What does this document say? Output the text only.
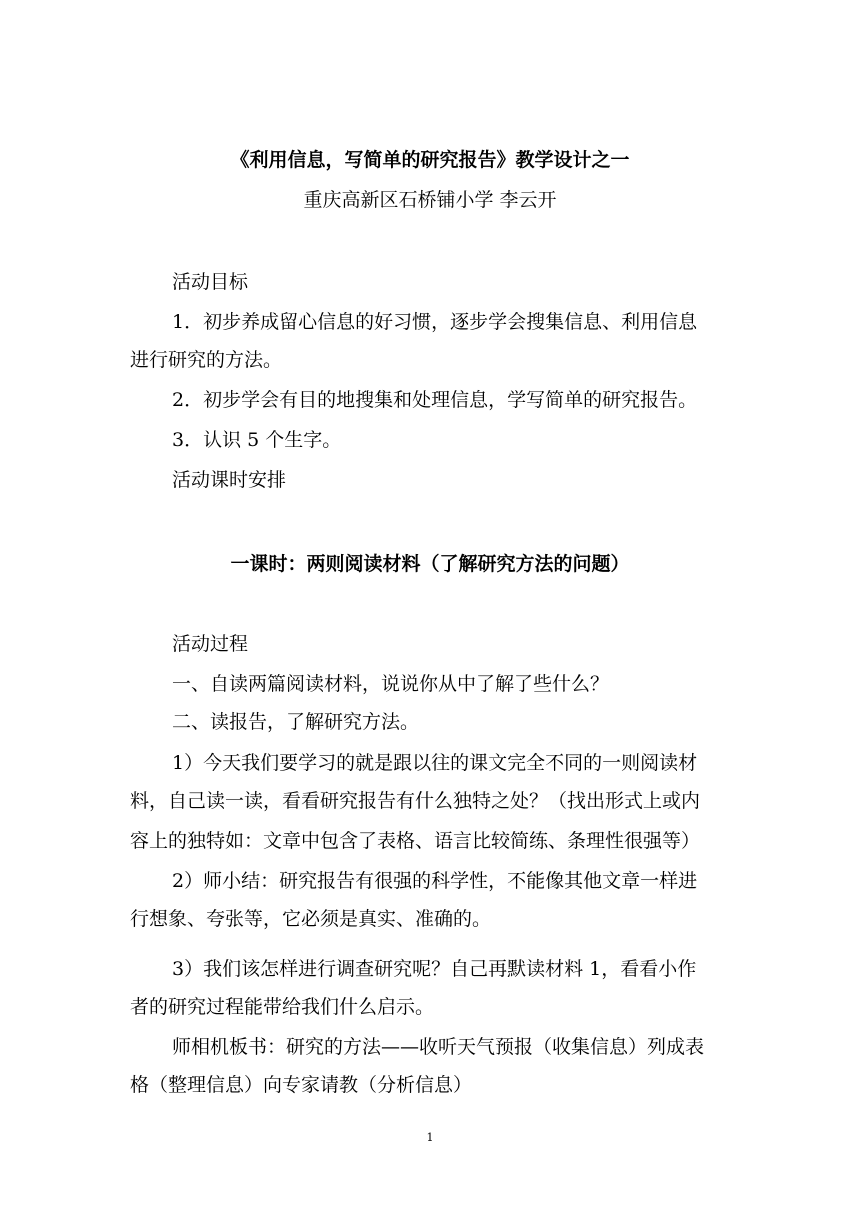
《利用信息，写简单的研究报告》教学设计之一
重庆高新区石桥铺小学 李云开
活动目标
1．初步养成留心信息的好习惯，逐步学会搜集信息、利用信息
进行研究的方法。
2．初步学会有目的地搜集和处理信息，学写简单的研究报告。
3．认识 5 个生字。
活动课时安排
一课时：两则阅读材料（了解研究方法的问题）
活动过程
一、自读两篇阅读材料，说说你从中了解了些什么？
二、读报告，了解研究方法。
1）今天我们要学习的就是跟以往的课文完全不同的一则阅读材
料，自己读一读，看看研究报告有什么独特之处？（找出形式上或内
容上的独特如：文章中包含了表格、语言比较简练、条理性很强等）
2）师小结：研究报告有很强的科学性，不能像其他文章一样进
行想象、夸张等，它必须是真实、准确的。
3）我们该怎样进行调查研究呢？自己再默读材料 1，看看小作
者的研究过程能带给我们什么启示。
师相机板书：研究的方法——收听天气预报（收集信息）列成表
格（整理信息）向专家请教（分析信息）
1
